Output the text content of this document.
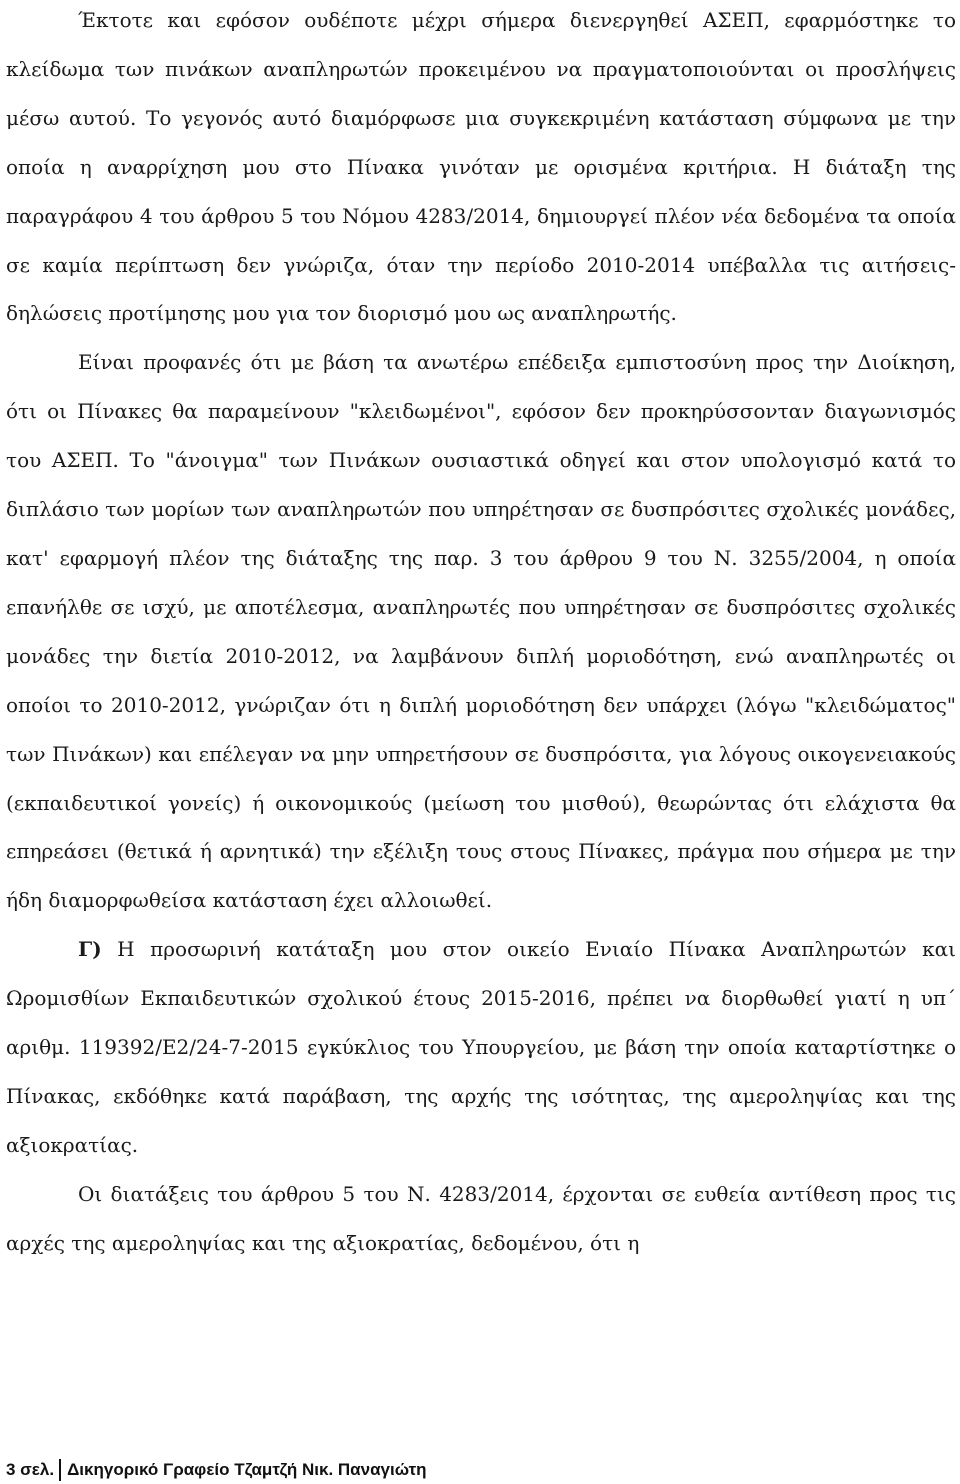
Έκτοτε και εφόσον ουδέποτε μέχρι σήμερα διενεργηθεί ΑΣΕΠ, εφαρμόστηκε το κλείδωμα των πινάκων αναπληρωτών προκειμένου να πραγματοποιούνται οι προσλήψεις μέσω αυτού. Το γεγονός αυτό διαμόρφωσε μια συγκεκριμένη κατάσταση σύμφωνα με την οποία η αναρρίχηση μου στο Πίνακα γινόταν με ορισμένα κριτήρια. Η διάταξη της παραγράφου 4 του άρθρου 5 του Νόμου 4283/2014, δημιουργεί πλέον νέα δεδομένα τα οποία σε καμία περίπτωση δεν γνώριζα, όταν την περίοδο 2010-2014 υπέβαλλα τις αιτήσεις-δηλώσεις προτίμησης μου για τον διορισμό μου ως αναπληρωτής.

Είναι προφανές ότι με βάση τα ανωτέρω επέδειξα εμπιστοσύνη προς την Διοίκηση, ότι οι Πίνακες θα παραμείνουν "κλειδωμένοι", εφόσον δεν προκηρύσσονταν διαγωνισμός του ΑΣΕΠ. Το "άνοιγμα" των Πινάκων ουσιαστικά οδηγεί και στον υπολογισμό κατά το διπλάσιο των μορίων των αναπληρωτών που υπηρέτησαν σε δυσπρόσιτες σχολικές μονάδες, κατ' εφαρμογή πλέον της διάταξης της παρ. 3 του άρθρου 9 του Ν. 3255/2004, η οποία επανήλθε σε ισχύ, με αποτέλεσμα, αναπληρωτές που υπηρέτησαν σε δυσπρόσιτες σχολικές μονάδες την διετία 2010-2012, να λαμβάνουν διπλή μοριοδότηση, ενώ αναπληρωτές οι οποίοι το 2010-2012, γνώριζαν ότι η διπλή μοριοδότηση δεν υπάρχει (λόγω "κλειδώματος" των Πινάκων) και επέλεγαν να μην υπηρετήσουν σε δυσπρόσιτα, για λόγους οικογενειακούς (εκπαιδευτικοί γονείς) ή οικονομικούς (μείωση του μισθού), θεωρώντας ότι ελάχιστα θα επηρεάσει (θετικά ή αρνητικά) την εξέλιξη τους στους Πίνακες, πράγμα που σήμερα με την ήδη διαμορφωθείσα κατάσταση έχει αλλοιωθεί.

Γ) Η προσωρινή κατάταξη μου στον οικείο Ενιαίο Πίνακα Αναπληρωτών και Ωρομισθίων Εκπαιδευτικών σχολικού έτους 2015-2016, πρέπει να διορθωθεί γιατί η υπ΄ αριθμ. 119392/Ε2/24-7-2015 εγκύκλιος του Υπουργείου, με βάση την οποία καταρτίστηκε ο Πίνακας, εκδόθηκε κατά παράβαση, της αρχής της ισότητας, της αμεροληψίας και της αξιοκρατίας.

Οι διατάξεις του άρθρου 5 του Ν. 4283/2014, έρχονται σε ευθεία αντίθεση προς τις αρχές της αμεροληψίας και της αξιοκρατίας, δεδομένου, ότι η

3 σελ. Δικηγορικό Γραφείο Τζαμτζή Νικ. Παναγιώτη
